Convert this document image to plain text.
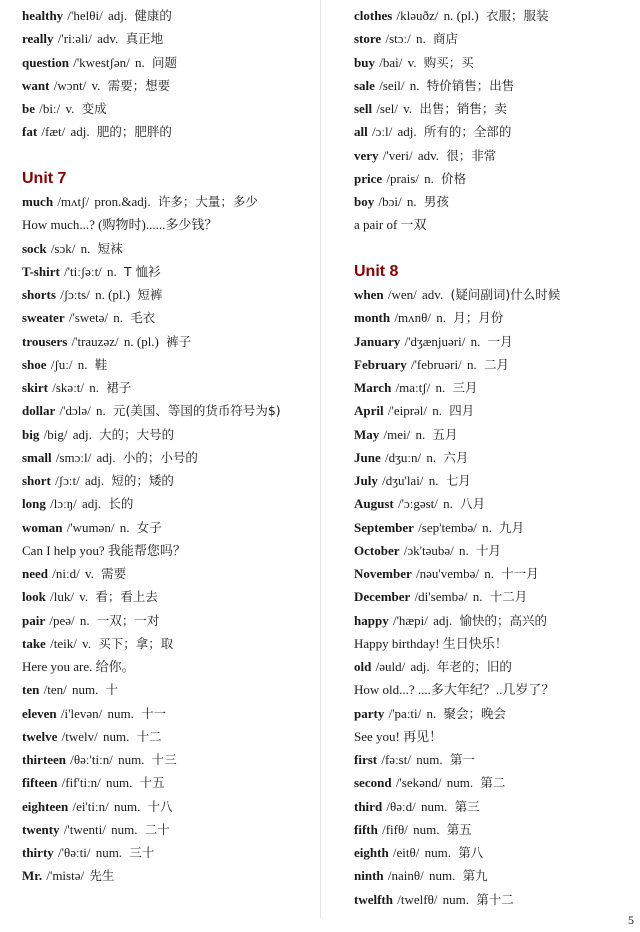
healthy /'helθi/ adj. 健康的
really /'riːəli/ adv. 真正地
question /'kwestʃən/ n. 问题
want /wɔnt/ v. 需要；想要
be /biː/ v. 变成
fat /fæt/ adj. 肥的；肥胖的
Unit 7
much /mʌtʃ/ pron.&adj. 许多；大量；多少
How much...? (购物时)......多少钱？
sock /sɔk/ n. 短袜
T-shirt /'tiːʃəːt/ n. T 恤衫
shorts /ʃɔːts/ n. (pl.) 短裤
sweater /'swetə/ n. 毛衣
trousers /'trauzəz/ n. (pl.) 裤子
shoe /ʃuː/ n. 鞋
skirt /skəːt/ n. 裙子
dollar /'dɔlə/ n. 元(美国、等国的货币符号为$)
big /big/ adj. 大的；大号的
small /smɔːl/ adj. 小的；小号的
short /ʃɔːt/ adj. 短的；矮的
long /lɔːŋ/ adj. 长的
woman /'wumən/ n. 女子
Can I help you? 我能帮您吗？
need /niːd/ v. 需要
look /luk/ v. 看；看上去
pair /peə/ n. 一双；一对
take /teik/ v. 买下；拿；取
Here you are. 给你。
ten /ten/ num. 十
eleven /i'levən/ num. 十一
twelve /twelv/ num. 十二
thirteen /θəː'tiːn/ num. 十三
fifteen /fif'tiːn/ num. 十五
eighteen /ei'tiːn/ num. 十八
twenty /'twenti/ num. 二十
thirty /'θəːti/ num. 三十
Mr. /'mistə/ 先生
clothes /kləuðz/ n. (pl.) 衣服；服装
store /stɔː/ n. 商店
buy /bai/ v. 购买；买
sale /seil/ n. 特价销售；出售
sell /sel/ v. 出售；销售；卖
all /ɔːl/ adj. 所有的；全部的
very /'veri/ adv. 很；非常
price /prais/ n. 价格
boy /bɔi/ n. 男孩
a pair of 一双
Unit 8
when /wen/ adv. (疑问副词)什么时候
month /mʌnθ/ n. 月；月份
January /'dʒænjuəri/ n. 一月
February /'februəri/ n. 二月
March /maːtʃ/ n. 三月
April /'eiprəl/ n. 四月
May /mei/ n. 五月
June /dʒuːn/ n. 六月
July /dʒu'lai/ n. 七月
August /'ɔːgəst/ n. 八月
September /sep'tembə/ n. 九月
October /ɔk'təubə/ n. 十月
November /nəu'vembə/ n. 十一月
December /di'sembə/ n. 十二月
happy /'hæpi/ adj. 愉快的；高兴的
Happy birthday! 生日快乐！
old /əuld/ adj. 年老的；旧的
How old...? ....多大年纪？..几岁了？
party /'paːti/ n. 聚会；晚会
See you! 再见！
first /fəːst/ num. 第一
second /'sekənd/ num. 第二
third /θəːd/ num. 第三
fifth /fifθ/ num. 第五
eighth /eitθ/ num. 第八
ninth /nainθ/ num. 第九
twelfth /twelfθ/ num. 第十二
5
